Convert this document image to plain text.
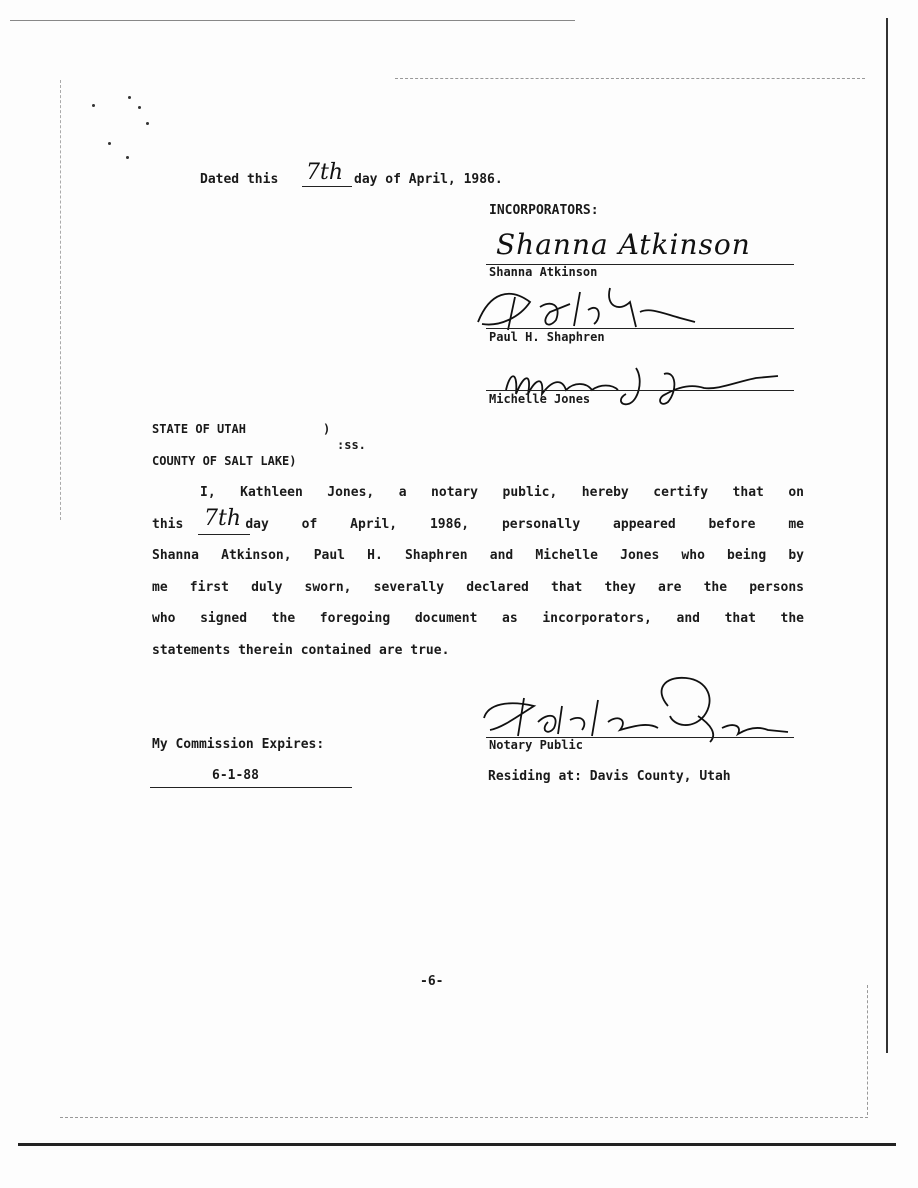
Dated this 7th day of April, 1986.
INCORPORATORS:
Shanna Atkinson
Shanna Atkinson
Paul H. Shaphren
Michelle Jones
STATE OF UTAH	)
:ss.
COUNTY OF SALT LAKE)
I, Kathleen Jones, a notary public, hereby certify that on
this	day of April, 1986, personally appeared before me
Shanna Atkinson, Paul H. Shaphren and Michelle Jones who being by
me first duly sworn, severally declared that they are the persons
who signed the foregoing document as incorporators, and that the
statements therein contained are true.
7th
My Commission Expires:
6-1-88
Notary Public
Residing at: Davis County, Utah
-6-
